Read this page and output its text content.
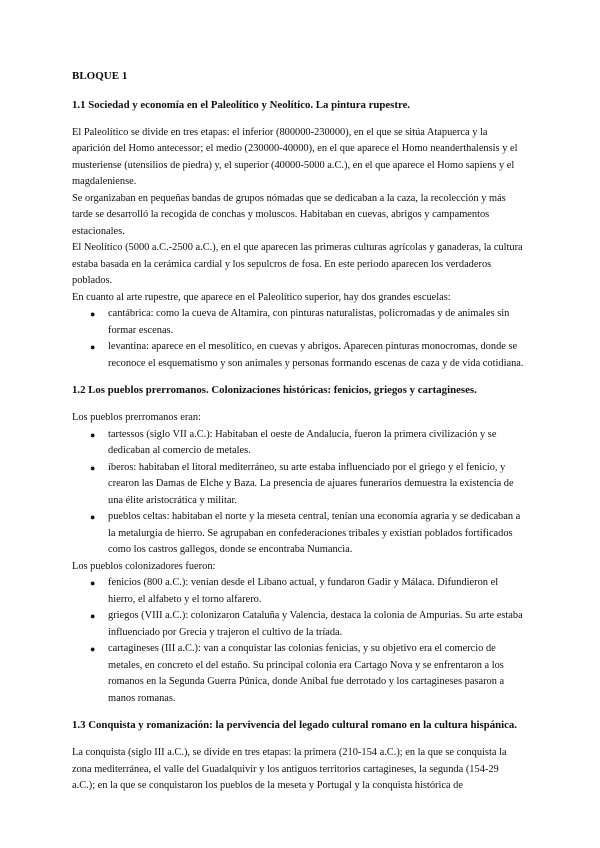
BLOQUE 1
1.1 Sociedad y economía en el Paleolítico y Neolítico. La pintura rupestre.

El Paleolítico se divide en tres etapas: el inferior (800000-230000), en el que se sitúa Atapuerca y la aparición del Homo antecessor; el medio (230000-40000), en el que aparece el Homo neanderthalensis y el musteriense (utensilios de piedra) y, el superior (40000-5000 a.C.), en el que aparece el Homo sapiens y el magdaleniense.

Se organizaban en pequeñas bandas de grupos nómadas que se dedicaban a la caza, la recolección y más tarde se desarrolló la recogida de conchas y moluscos. Habitaban en cuevas, abrigos y campamentos estacionales.

El Neolítico (5000 a.C.-2500 a.C.), en el que aparecen las primeras culturas agrícolas y ganaderas, la cultura estaba basada en la cerámica cardial y los sepulcros de fosa. En este periodo aparecen los verdaderos poblados.

En cuanto al arte rupestre, que aparece en el Paleolítico superior, hay dos grandes escuelas:

● cantábrica: como la cueva de Altamira, con pinturas naturalistas, policromadas y de animales sin formar escenas.
● levantina: aparece en el mesolítico, en cuevas y abrigos. Aparecen pinturas monocromas, donde se reconoce el esquematismo y son animales y personas formando escenas de caza y de vida cotidiana.
1.2 Los pueblos prerromanos. Colonizaciones históricas: fenicios, griegos y cartagineses.

Los pueblos prerromanos eran:

● tartessos (siglo VII a.C.): Habitaban el oeste de Andalucía, fueron la primera civilización y se dedicaban al comercio de metales.
● íberos: habitaban el litoral mediterráneo, su arte estaba influenciado por el griego y el fenicio, y crearon las Damas de Elche y Baza. La presencia de ajuares funerarios demuestra la existencia de una élite aristocrática y militar.
● pueblos celtas: habitaban el norte y la meseta central, tenían una economía agraria y se dedicaban a la metalurgia de hierro. Se agrupaban en confederaciones tribales y existían poblados fortificados como los castros gallegos, donde se encontraba Numancia.

Los pueblos colonizadores fueron:

● fenicios (800 a.C.): venían desde el Líbano actual, y fundaron Gadir y Málaca. Difundieron el hierro, el alfabeto y el torno alfarero.
● griegos (VIII a.C.): colonizaron Cataluña y Valencia, destaca la colonia de Ampurias. Su arte estaba influenciado por Grecia y trajeron el cultivo de la tríada.
● cartagineses (III a.C.): van a conquistar las colonias fenicias, y su objetivo era el comercio de metales, en concreto el del estaño. Su principal colonia era Cartago Nova y se enfrentaron a los romanos en la Segunda Guerra Púnica, donde Aníbal fue derrotado y los cartagineses pasaron a manos romanas.
1.3 Conquista y romanización: la pervivencia del legado cultural romano en la cultura hispánica.

La conquista (siglo III a.C.), se divide en tres etapas: la primera (210-154 a.C.); en la que se conquista la zona mediterránea, el valle del Guadalquivir y los antiguos territorios cartagineses, la segunda (154-29 a.C.); en la que se conquistaron los pueblos de la meseta y Portugal y la conquista histórica de
